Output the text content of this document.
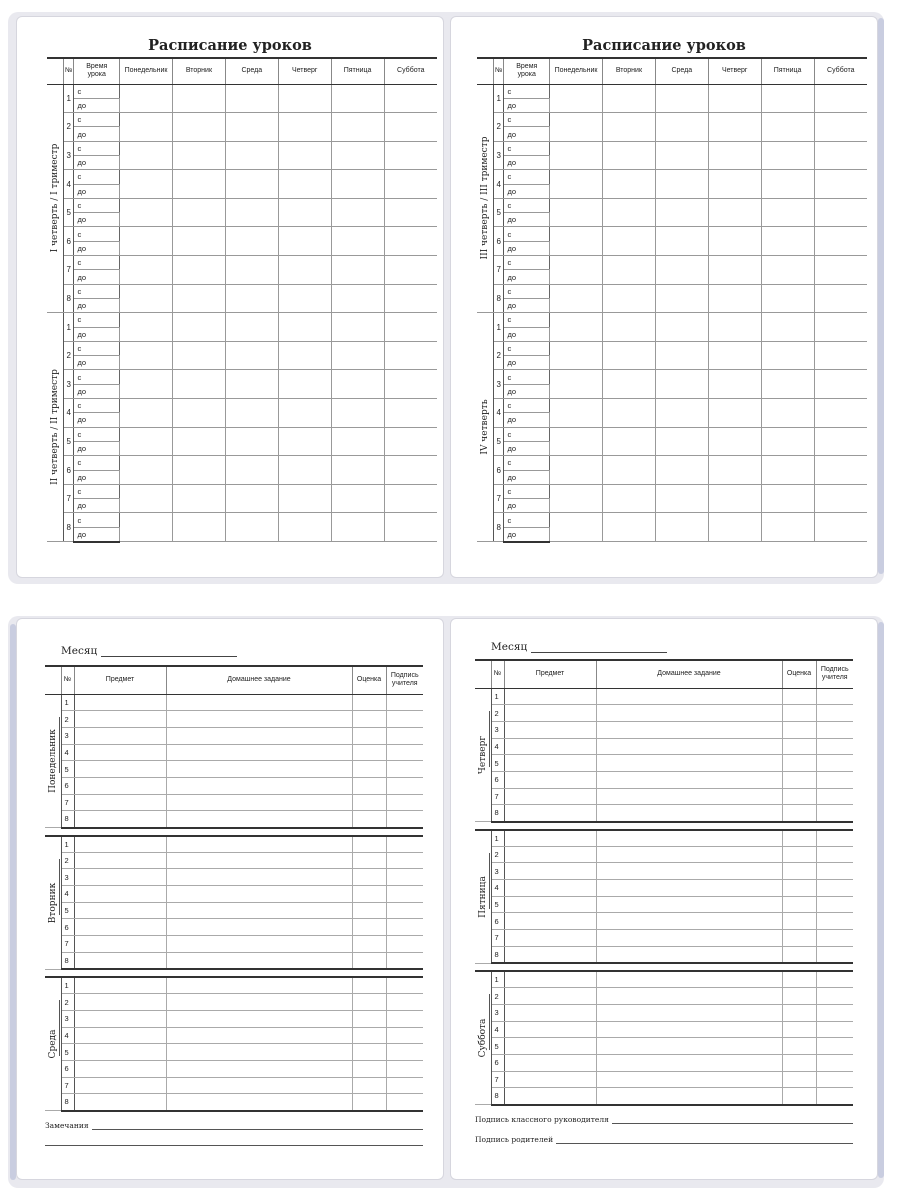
Расписание уроков
	№	Время урока	Понедельник	Вторник	Среда	Четверг	Пятница	Суббота

I четверть / I триместр	1	с						
		до						
	2	с						
		до						
	3	с						
		до						
	4	с						
		до						
	5	с						
		до						
	6	с						
		до						
	7	с						
		до						
	8	с						
		до						

II четверть / II триместр	1	с						
		до						
	2	с						
		до						
	3	с						
		до						
	4	с						
		до						
	5	с						
		до						
	6	с						
		до						
	7	с						
		до						
	8	с						
		до						
Расписание уроков
	№	Время урока	Понедельник	Вторник	Среда	Четверг	Пятница	Суббота

III четверть / III триместр	1	с						
		до						
	2	с						
		до						
	3	с						
		до						
	4	с						
		до						
	5	с						
		до						
	6	с						
		до						
	7	с						
		до						
	8	с						
		до						

IV четверть	1	с						
		до						
	2	с						
		до						
	3	с						
		до						
	4	с						
		до						
	5	с						
		до						
	6	с						
		до						
	7	с						
		до						
	8	с						
		до						
Месяц
	№	Предмет	Домашнее задание	Оценка	Подпись учителя

Понедельник	1				
	2				
	3				
	4				
	5				
	6				
	7				
	8				

Вторник	1				
	2				
	3				
	4				
	5				
	6				
	7				
	8				

Среда	1				
	2				
	3				
	4				
	5				
	6				
	7				
	8				
Замечания
Месяц
	№	Предмет	Домашнее задание	Оценка	Подпись учителя

Четверг	1				
	2				
	3				
	4				
	5				
	6				
	7				
	8				

Пятница	1				
	2				
	3				
	4				
	5				
	6				
	7				
	8				

Суббота	1				
	2				
	3				
	4				
	5				
	6				
	7				
	8				
Подпись классного руководителя
Подпись родителей
